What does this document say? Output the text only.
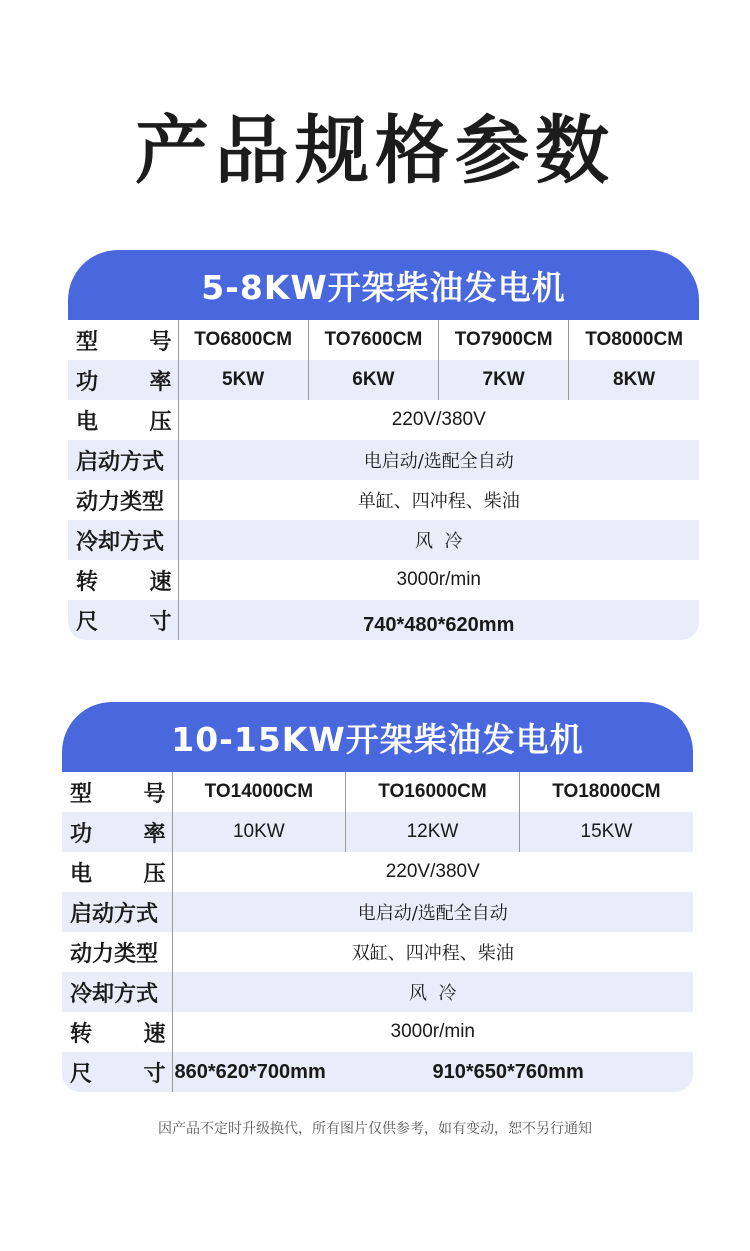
产品规格参数
5-8KW开架柴油发电机
型 号	TO6800CM	TO7600CM	TO7900CM	TO8000CM
功 率	5KW	6KW	7KW	8KW
电 压	220V/380V			
启动方式	电启动/选配全自动			
动力类型	单缸、四冲程、柴油			
冷却方式	风  冷			
转 速	3000r/min			
尺 寸	740*480*620mm			
10-15KW开架柴油发电机
型 号	TO14000CM	TO16000CM		TO18000CM
功 率	10KW	12KW		15KW
电 压	220V/380V			
启动方式	电启动/选配全自动			
动力类型	双缸、四冲程、柴油			
冷却方式	风  冷			
转 速	3000r/min			
尺 寸	860*620*700mm		910*650*760mm	
因产品不定时升级换代，所有图片仅供参考，如有变动，恕不另行通知
